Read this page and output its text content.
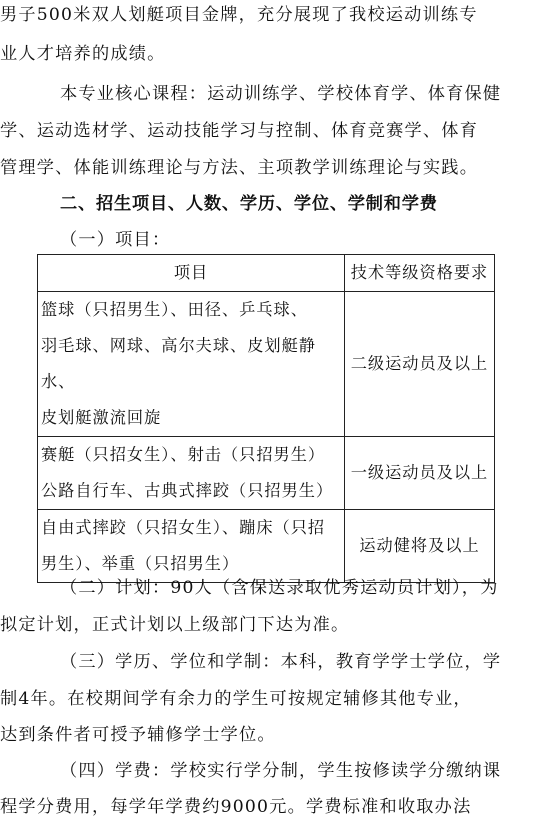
男子500米双人划艇项目金牌，充分展现了我校运动训练专
业人才培养的成绩。
本专业核心课程：运动训练学、学校体育学、体育保健
学、运动选材学、运动技能学习与控制、体育竞赛学、体育
管理学、体能训练理论与方法、主项教学训练理论与实践。
二、招生项目、人数、学历、学位、学制和学费
（一）项目：
项目	技术等级资格要求

篮球（只招男生）、田径、乒乓球、
羽毛球、网球、高尔夫球、皮划艇静水、
皮划艇激流回旋	二级运动员及以上

赛艇（只招女生）、射击（只招男生）
公路自行车、古典式摔跤（只招男生）	一级运动员及以上

自由式摔跤（只招女生）、蹦床（只招
男生）、举重（只招男生）	运动健将及以上
（二）计划：90人（含保送录取优秀运动员计划），为
拟定计划，正式计划以上级部门下达为准。
（三）学历、学位和学制：本科，教育学学士学位，学
制4年。在校期间学有余力的学生可按规定辅修其他专业，
达到条件者可授予辅修学士学位。
（四）学费：学校实行学分制，学生按修读学分缴纳课
程学分费用，每学年学费约9000元。学费标准和收取办法
